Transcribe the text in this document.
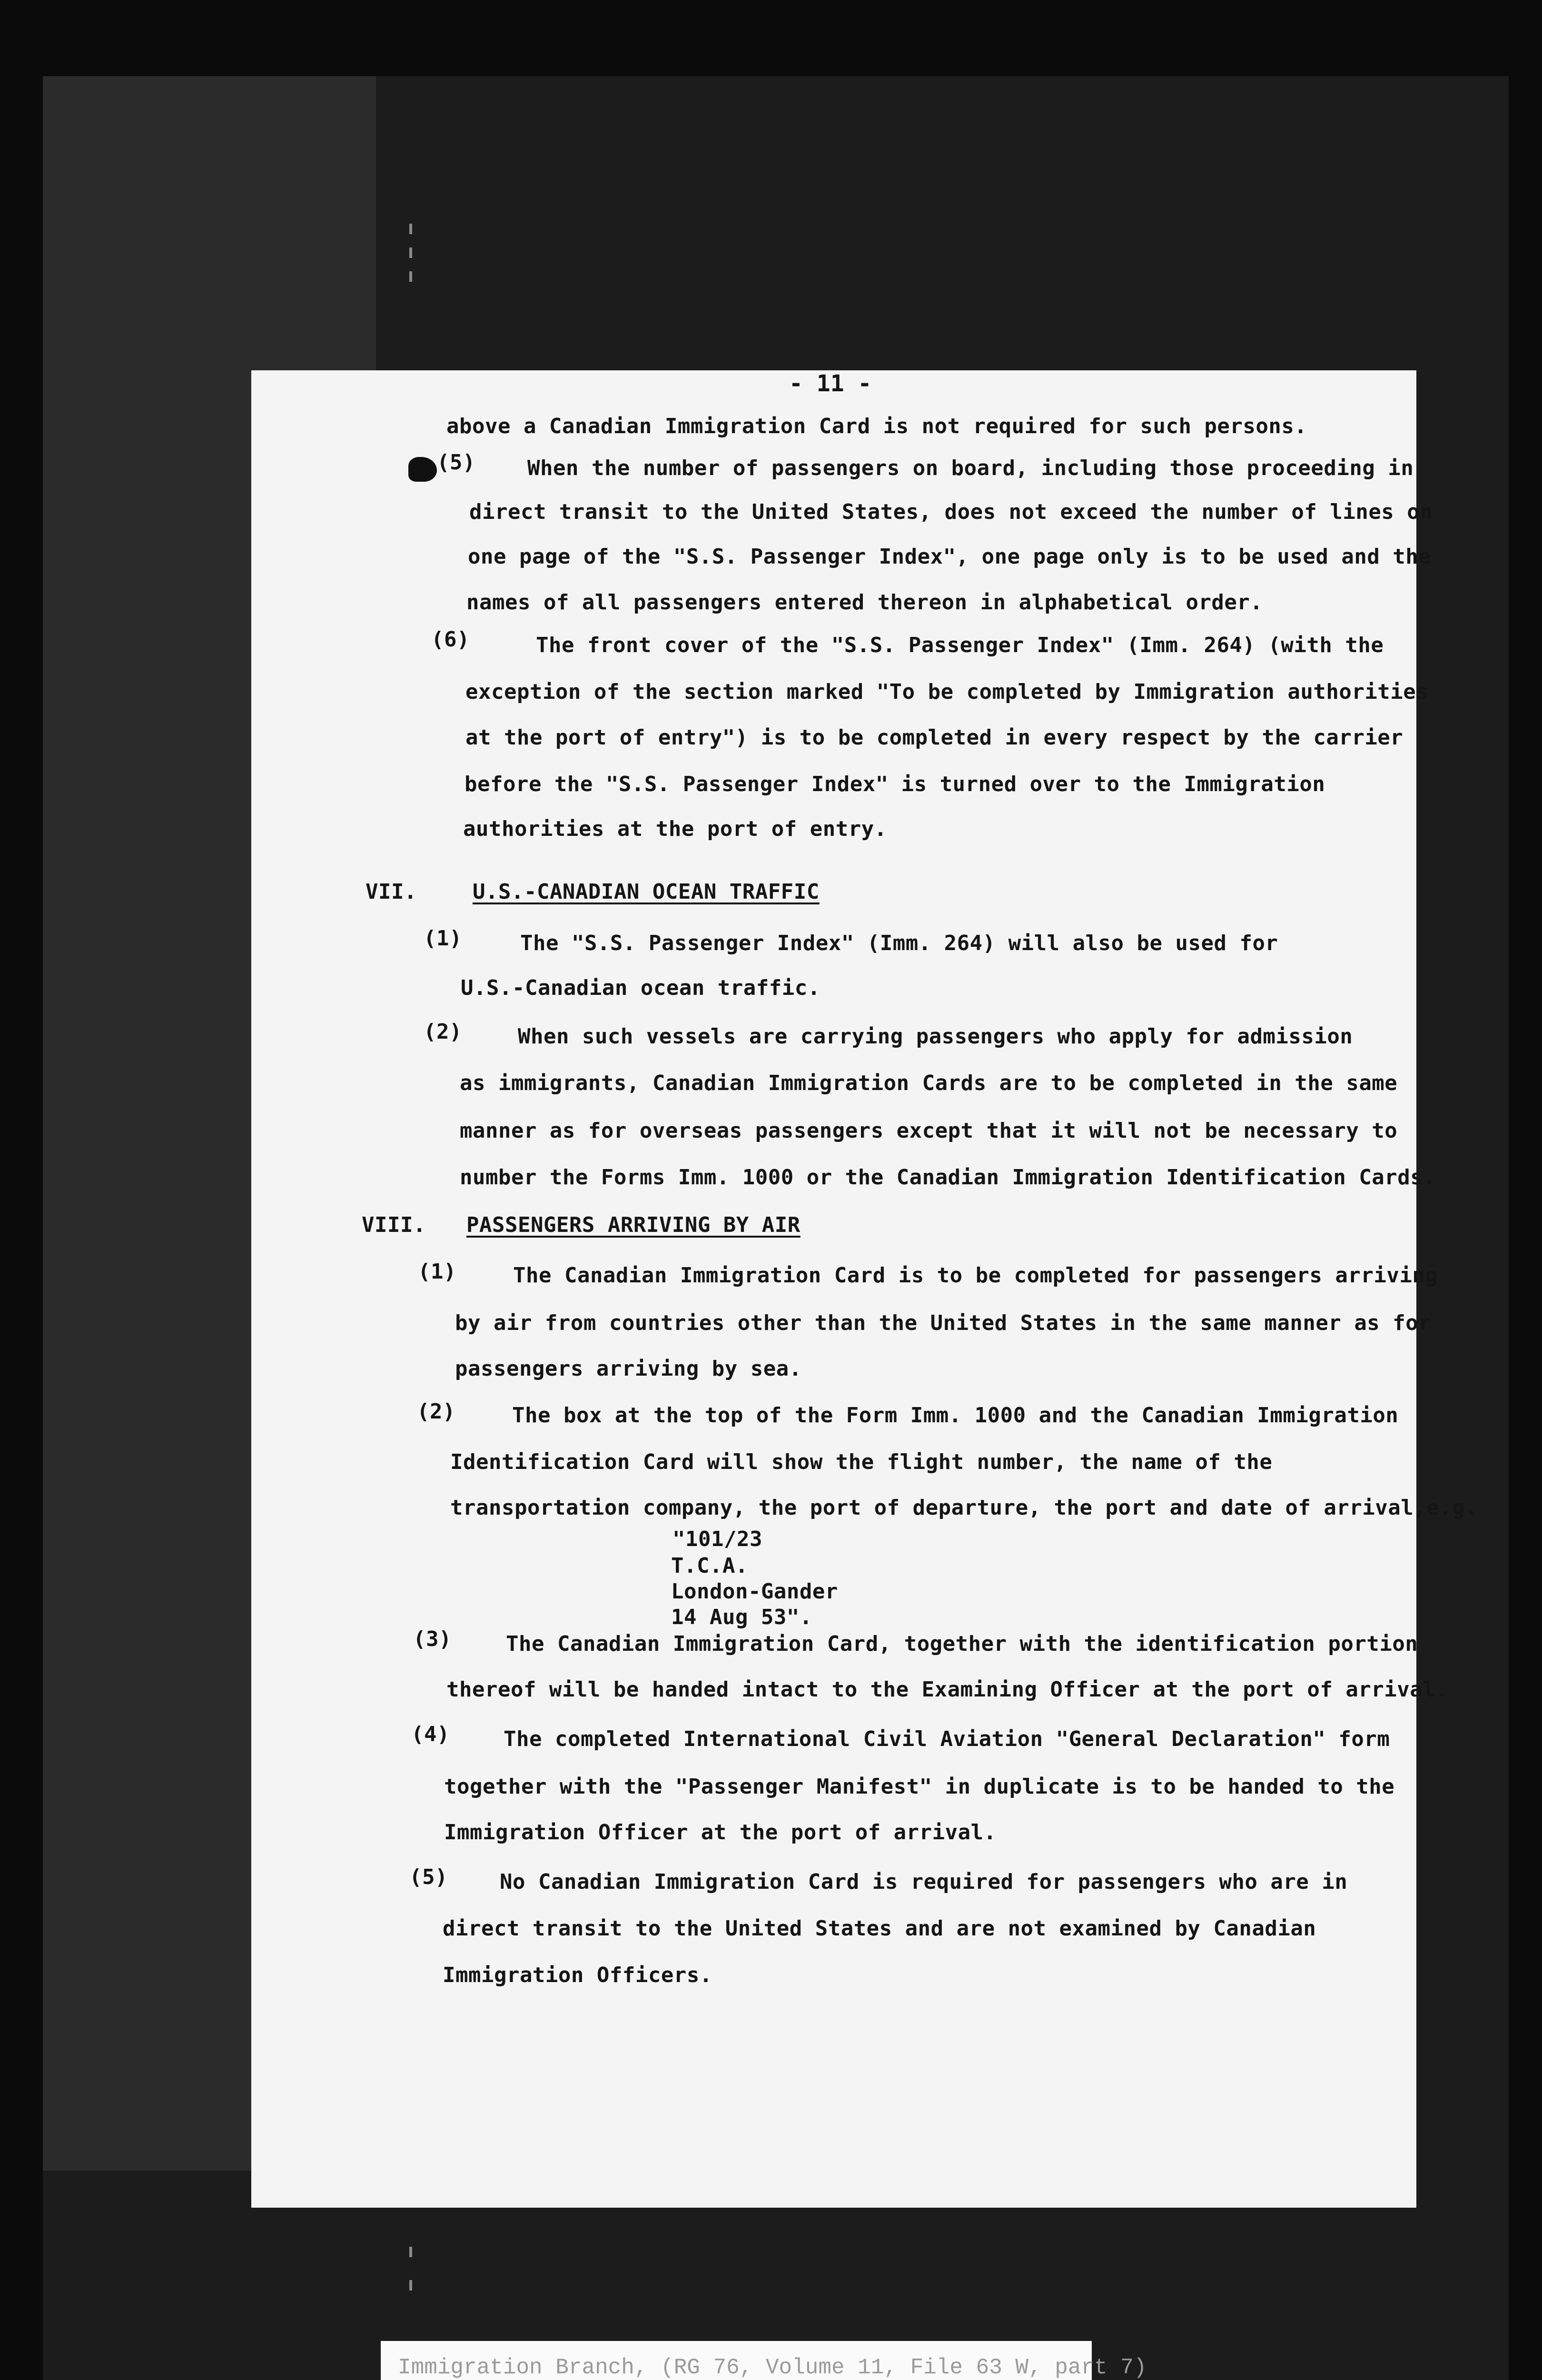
- 11 -
above a Canadian Immigration Card is not required for such persons.
(5) When the number of passengers on board, including those proceeding in
direct transit to the United States, does not exceed the number of lines on
one page of the "S.S. Passenger Index", one page only is to be used and the
names of all passengers entered thereon in alphabetical order.
(6)	The front cover of the "S.S. Passenger Index" (Imm. 264) (with the
exception of the section marked "To be completed by Immigration authorities
at the port of entry") is to be completed in every respect by the carrier
before the "S.S. Passenger Index" is turned over to the Immigration
authorities at the port of entry.
VII.	U.S.-CANADIAN OCEAN TRAFFIC
(1)	The "S.S. Passenger Index" (Imm. 264) will also be used for
U.S.-Canadian ocean traffic.
(2)	When such vessels are carrying passengers who apply for admission
as immigrants, Canadian Immigration Cards are to be completed in the same
manner as for overseas passengers except that it will not be necessary to
number the Forms Imm. 1000 or the Canadian Immigration Identification Cards.
VIII. PASSENGERS ARRIVING BY AIR
(1)	The Canadian Immigration Card is to be completed for passengers arriving
by air from countries other than the United States in the same manner as for
passengers arriving by sea.
(2)	The box at the top of the Form Imm. 1000 and the Canadian Immigration
Identification Card will show the flight number, the name of the
transportation company, the port of departure, the port and date of arrival,e.g.
"101/23
T.C.A.
London-Gander
14 Aug 53".
(3)	The Canadian Immigration Card, together with the identification portion
thereof will be handed intact to the Examining Officer at the port of arrival.
(4)	The completed International Civil Aviation "General Declaration" form
together with the "Passenger Manifest" in duplicate is to be handed to the
Immigration Officer at the port of arrival.
(5) No Canadian Immigration Card is required for passengers who are in
direct transit to the United States and are not examined by Canadian
Immigration Officers.
Immigration Branch, (RG 76, Volume 11, File 63 W, part 7)
